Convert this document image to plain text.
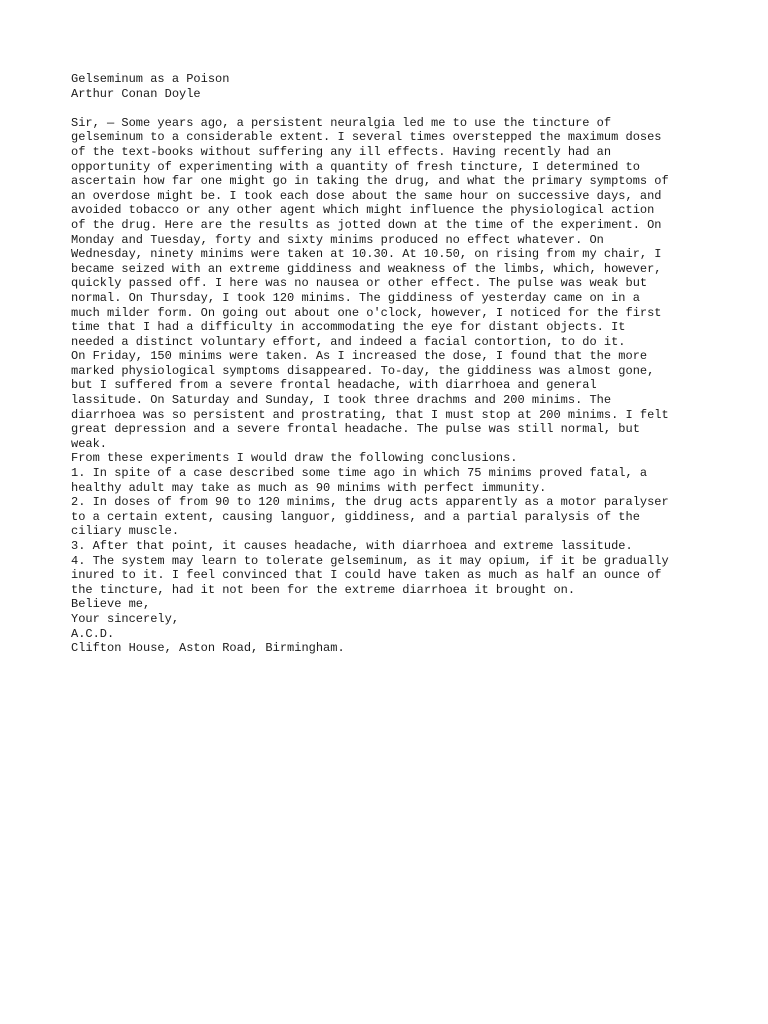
Gelseminum as a Poison
Arthur Conan Doyle
Sir, — Some years ago, a persistent neuralgia led me to use the tincture of
gelseminum to a considerable extent. I several times overstepped the maximum doses
of the text-books without suffering any ill effects. Having recently had an
opportunity of experimenting with a quantity of fresh tincture, I determined to
ascertain how far one might go in taking the drug, and what the primary symptoms of
an overdose might be. I took each dose about the same hour on successive days, and
avoided tobacco or any other agent which might influence the physiological action
of the drug. Here are the results as jotted down at the time of the experiment. On
Monday and Tuesday, forty and sixty minims produced no effect whatever. On
Wednesday, ninety minims were taken at 10.30. At 10.50, on rising from my chair, I
became seized with an extreme giddiness and weakness of the limbs, which, however,
quickly passed off. I here was no nausea or other effect. The pulse was weak but
normal. On Thursday, I took 120 minims. The giddiness of yesterday came on in a
much milder form. On going out about one o'clock, however, I noticed for the first
time that I had a difficulty in accommodating the eye for distant objects. It
needed a distinct voluntary effort, and indeed a facial contortion, to do it.
On Friday, 150 minims were taken. As I increased the dose, I found that the more
marked physiological symptoms disappeared. To-day, the giddiness was almost gone,
but I suffered from a severe frontal headache, with diarrhoea and general
lassitude. On Saturday and Sunday, I took three drachms and 200 minims. The
diarrhoea was so persistent and prostrating, that I must stop at 200 minims. I felt
great depression and a severe frontal headache. The pulse was still normal, but
weak.
From these experiments I would draw the following conclusions.
1. In spite of a case described some time ago in which 75 minims proved fatal, a
healthy adult may take as much as 90 minims with perfect immunity.
2. In doses of from 90 to 120 minims, the drug acts apparently as a motor paralyser
to a certain extent, causing languor, giddiness, and a partial paralysis of the
ciliary muscle.
3. After that point, it causes headache, with diarrhoea and extreme lassitude.
4. The system may learn to tolerate gelseminum, as it may opium, if it be gradually
inured to it. I feel convinced that I could have taken as much as half an ounce of
the tincture, had it not been for the extreme diarrhoea it brought on.
Believe me,
Your sincerely,
A.C.D.
Clifton House, Aston Road, Birmingham.
